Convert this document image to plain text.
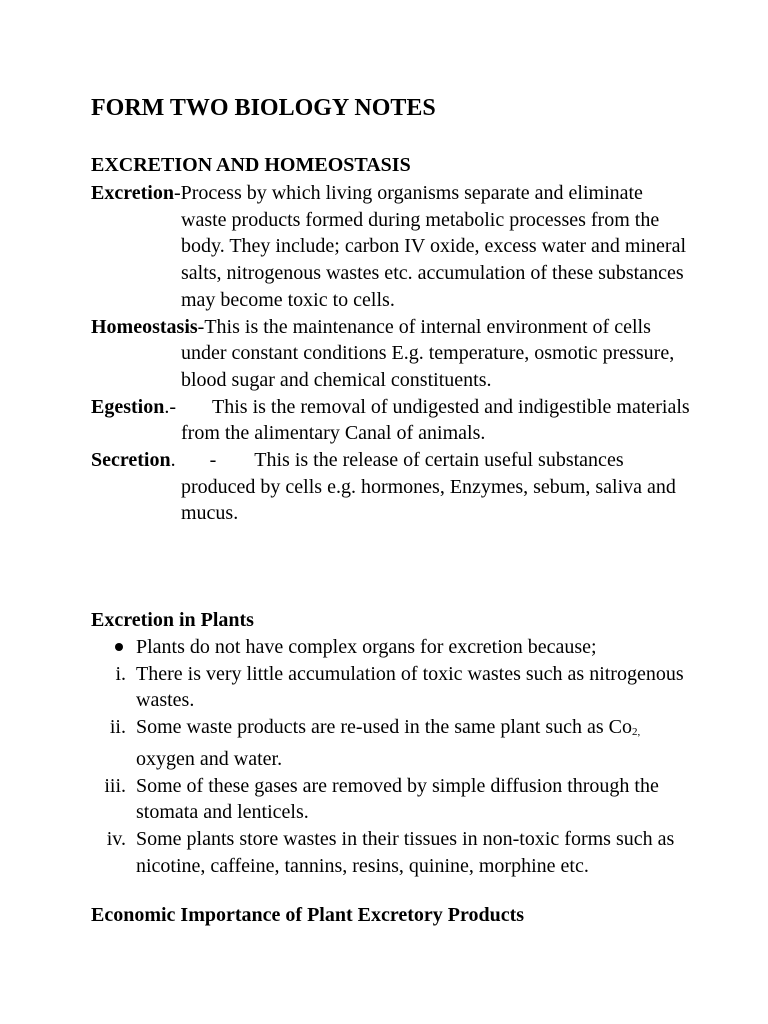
FORM TWO BIOLOGY NOTES
EXCRETION AND HOMEOSTASIS

Excretion-Process by which living organisms separate and eliminate waste products formed during metabolic processes from the body. They include; carbon IV oxide, excess water and mineral salts, nitrogenous wastes etc. accumulation of these substances may become toxic to cells.

Homeostasis-This is the maintenance of internal environment of cells under constant conditions E.g. temperature, osmotic pressure, blood sugar and chemical constituents.

Egestion.- This is the removal of undigested and indigestible materials from the alimentary Canal of animals.

Secretion. - This is the release of certain useful substances produced by cells e.g. hormones, Enzymes, sebum, saliva and mucus.

Excretion in Plants

Plants do not have complex organs for excretion because;

i. There is very little accumulation of toxic wastes such as nitrogenous wastes.

ii. Some waste products are re-used in the same plant such as $Co_{2,}$ oxygen and water.

iii. Some of these gases are removed by simple diffusion through the stomata and lenticels.

iv. Some plants store wastes in their tissues in non-toxic forms such as nicotine, caffeine, tannins, resins, quinine, morphine etc.

Economic Importance of Plant Excretory Products
